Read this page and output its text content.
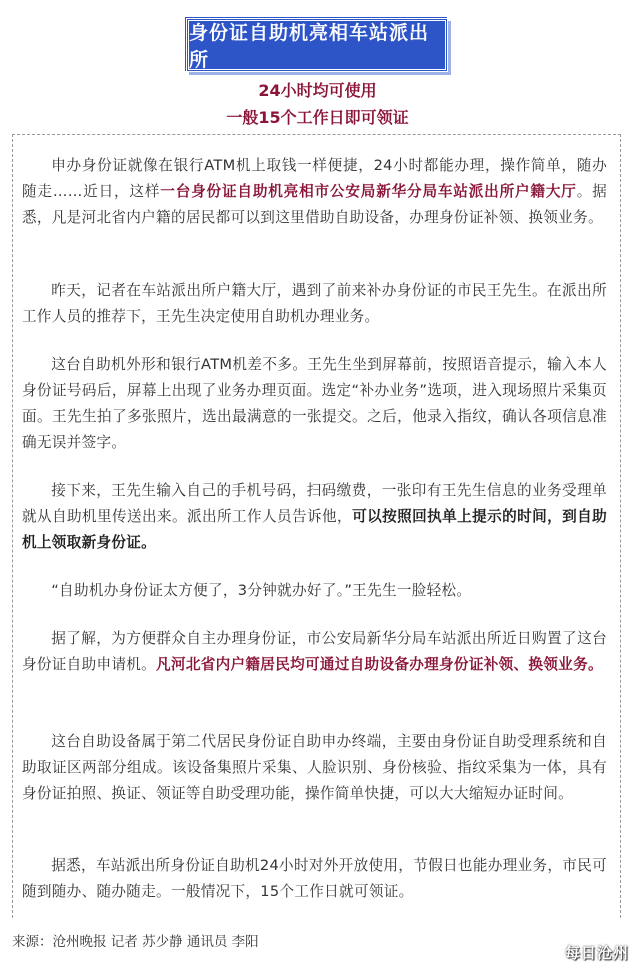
身份证自助机亮相车站派出所
24小时均可使用
一般15个工作日即可领证
申办身份证就像在银行ATM机上取钱一样便捷，24小时都能办理，操作简单，随办随走……近日，这样一台身份证自助机亮相市公安局新华分局车站派出所户籍大厅。据悉，凡是河北省内户籍的居民都可以到这里借助自助设备，办理身份证补领、换领业务。
昨天，记者在车站派出所户籍大厅，遇到了前来补办身份证的市民王先生。在派出所工作人员的推荐下，王先生决定使用自助机办理业务。
这台自助机外形和银行ATM机差不多。王先生坐到屏幕前，按照语音提示，输入本人身份证号码后，屏幕上出现了业务办理页面。选定“补办业务”选项，进入现场照片采集页面。王先生拍了多张照片，选出最满意的一张提交。之后，他录入指纹，确认各项信息准确无误并签字。
接下来，王先生输入自己的手机号码，扫码缴费，一张印有王先生信息的业务受理单就从自助机里传送出来。派出所工作人员告诉他，可以按照回执单上提示的时间，到自助机上领取新身份证。
“自助机办身份证太方便了，3分钟就办好了。”王先生一脸轻松。
据了解，为方便群众自主办理身份证，市公安局新华分局车站派出所近日购置了这台身份证自助申请机。凡河北省内户籍居民均可通过自助设备办理身份证补领、换领业务。
这台自助设备属于第二代居民身份证自助申办终端，主要由身份证自助受理系统和自助取证区两部分组成。该设备集照片采集、人脸识别、身份核验、指纹采集为一体，具有身份证拍照、换证、领证等自助受理功能，操作简单快捷，可以大大缩短办证时间。
据悉，车站派出所身份证自助机24小时对外开放使用，节假日也能办理业务，市民可随到随办、随办随走。一般情况下，15个工作日就可领证。
来源：沧州晚报 记者 苏少静 通讯员 李阳
每日沧州
